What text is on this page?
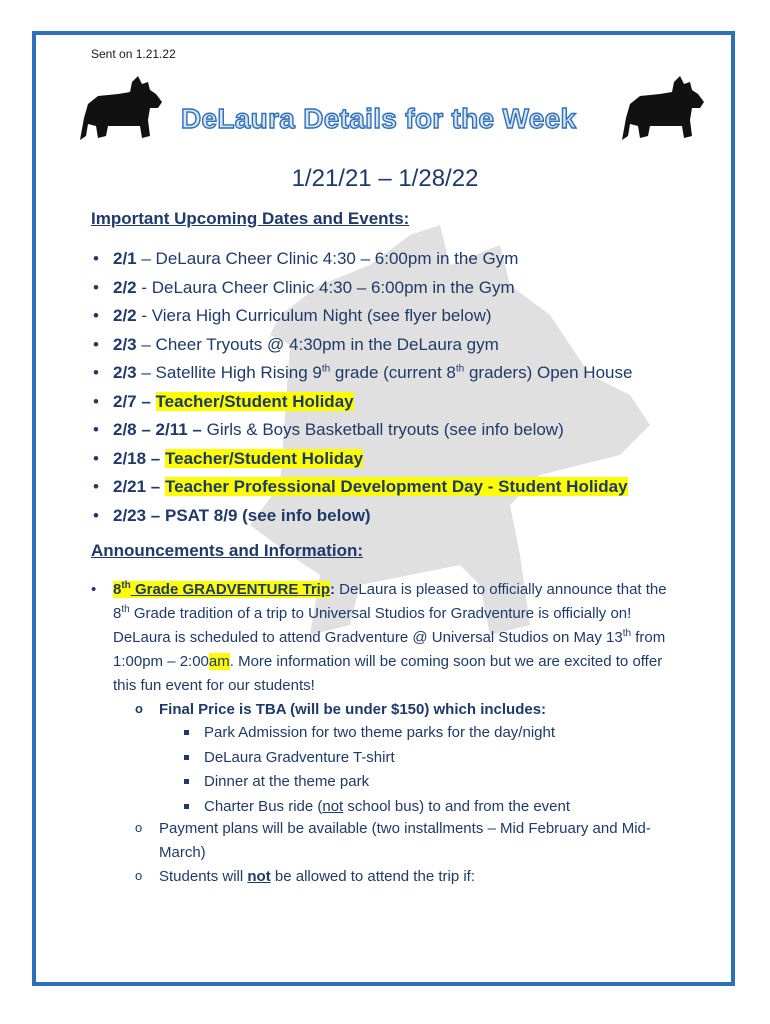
Sent on 1.21.22
DeLaura Details for the Week
1/21/21 – 1/28/22
Important Upcoming Dates and Events:
• 2/1 – DeLaura Cheer Clinic 4:30 – 6:00pm in the Gym
• 2/2 - DeLaura Cheer Clinic 4:30 – 6:00pm in the Gym
• 2/2 - Viera High Curriculum Night (see flyer below)
• 2/3 – Cheer Tryouts @ 4:30pm in the DeLaura gym
• 2/3 – Satellite High Rising 9th grade (current 8th graders) Open House
• 2/7 – Teacher/Student Holiday
• 2/8 – 2/11 – Girls & Boys Basketball tryouts (see info below)
• 2/18 – Teacher/Student Holiday
• 2/21 – Teacher Professional Development Day - Student Holiday
• 2/23 – PSAT 8/9 (see info below)
Announcements and Information:
• 8th Grade GRADVENTURE Trip: DeLaura is pleased to officially announce that the 8th Grade tradition of a trip to Universal Studios for Gradventure is officially on! DeLaura is scheduled to attend Gradventure @ Universal Studios on May 13th from 1:00pm – 2:00am. More information will be coming soon but we are excited to offer this fun event for our students!
o Final Price is TBA (will be under $150) which includes:
Park Admission for two theme parks for the day/night
DeLaura Gradventure T-shirt
Dinner at the theme park
Charter Bus ride (not school bus) to and from the event
o Payment plans will be available (two installments – Mid February and Mid-March)
o Students will not be allowed to attend the trip if:
